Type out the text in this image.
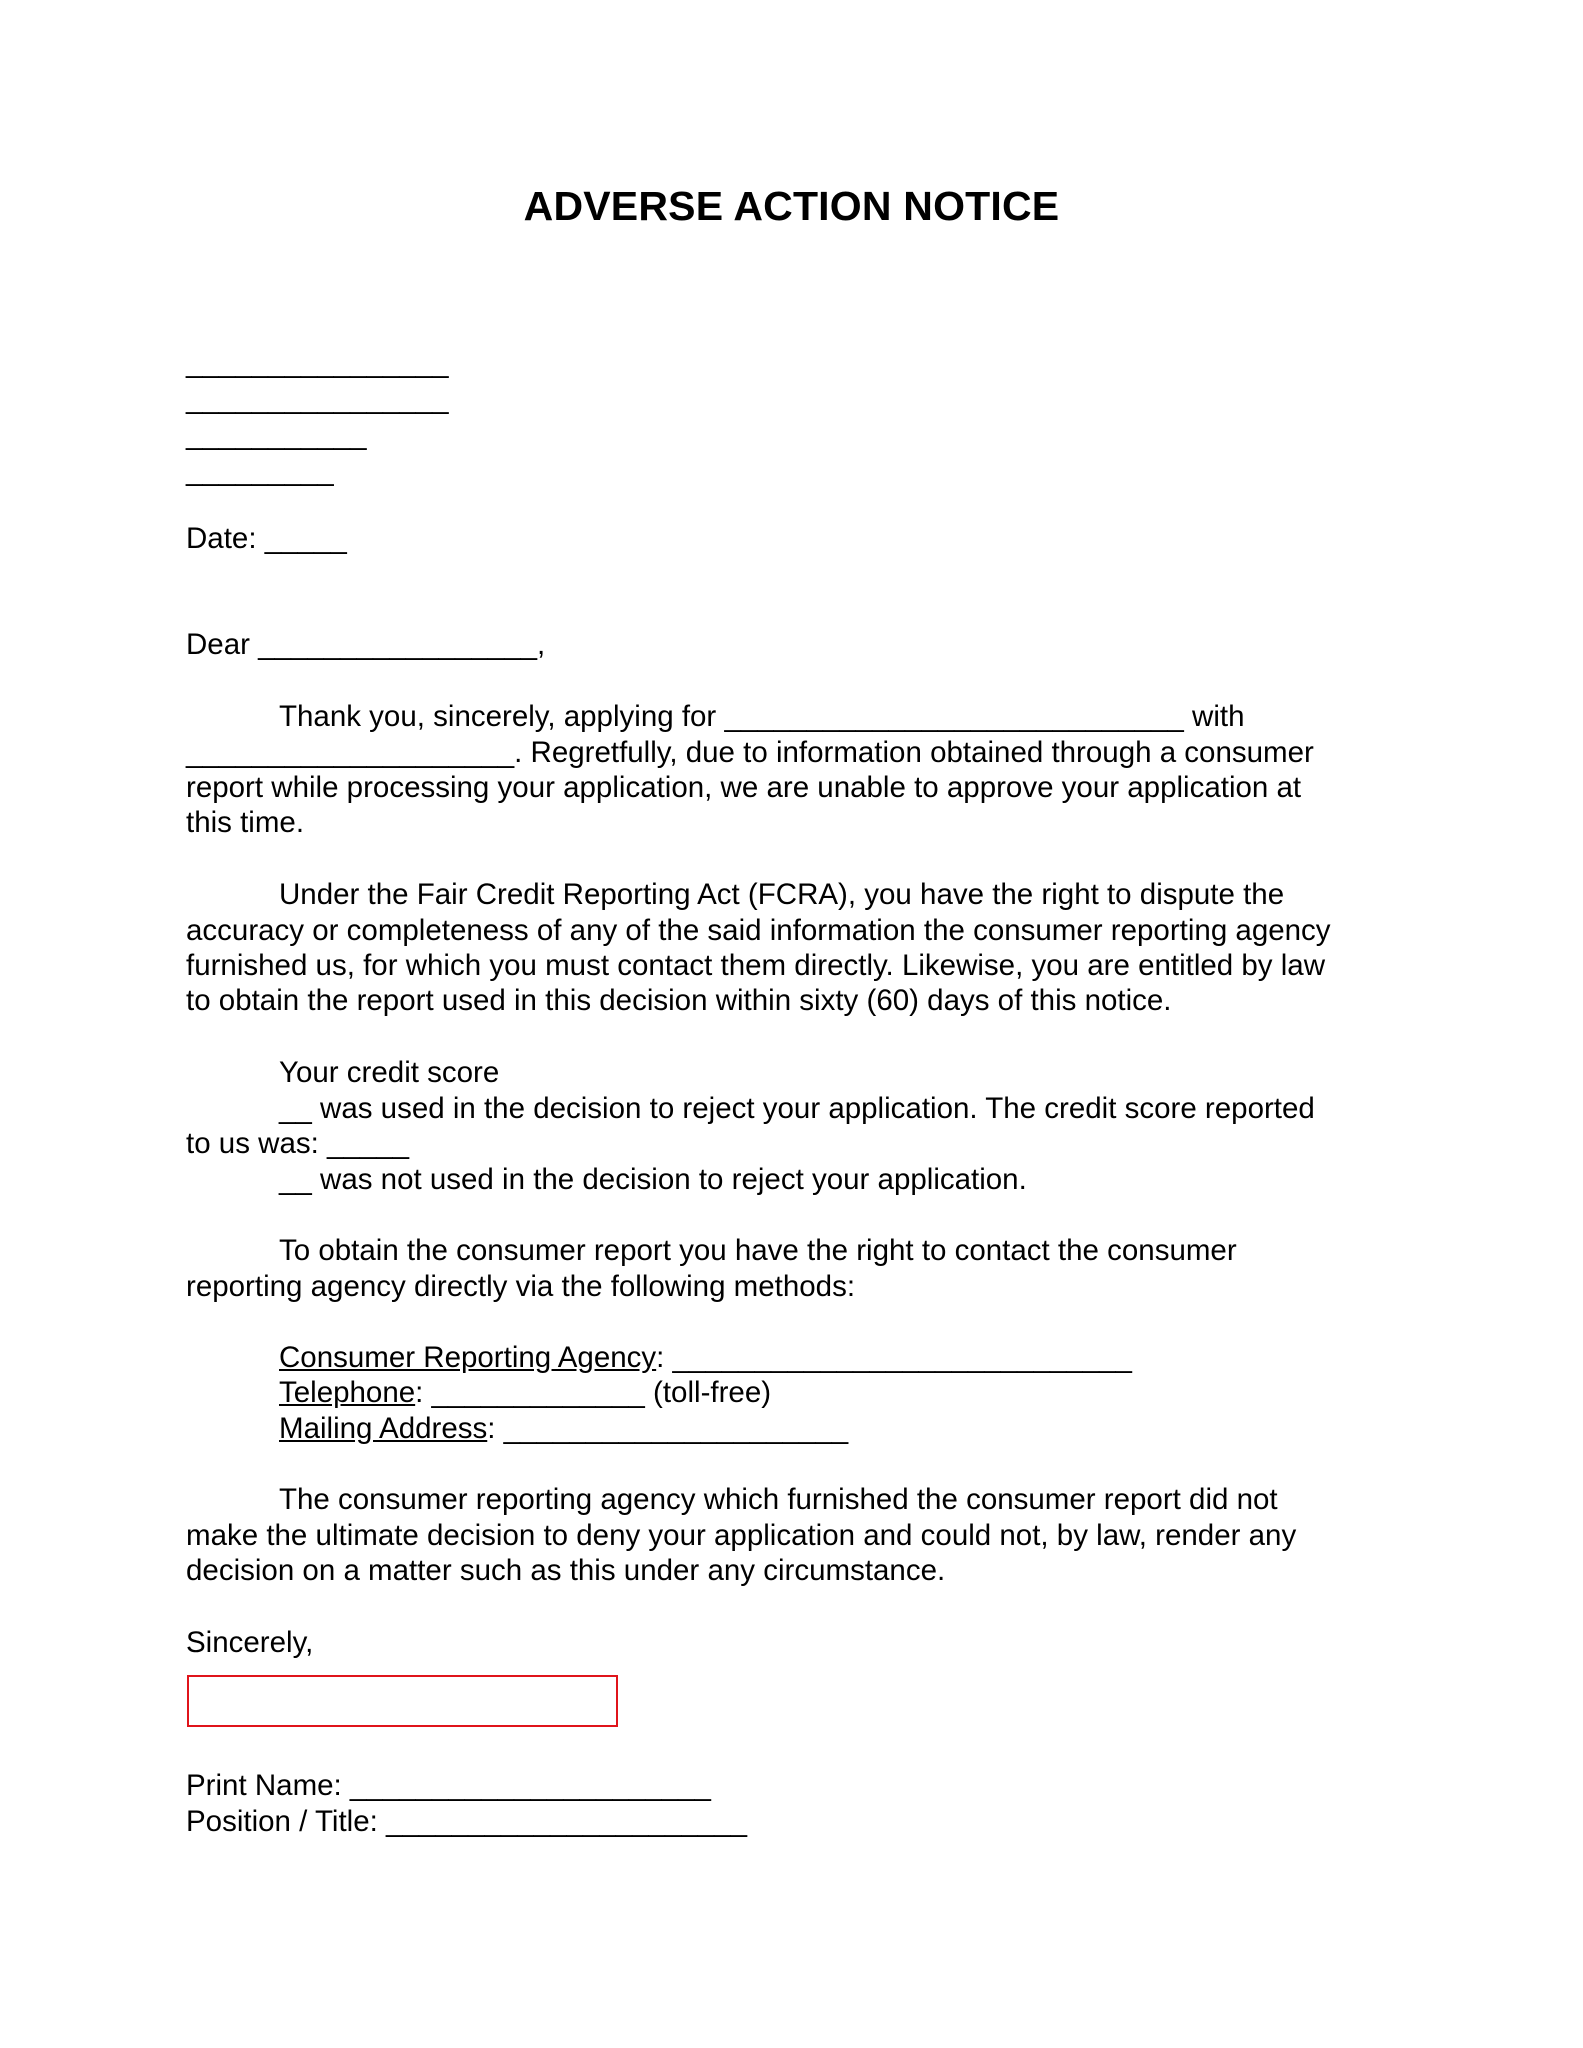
ADVERSE ACTION NOTICE
________________
________________
___________
_________
Date: _____
Dear _________________,
Thank you, sincerely, applying for ____________________________ with
____________________. Regretfully, due to information obtained through a consumer
report while processing your application, we are unable to approve your application at
this time.
Under the Fair Credit Reporting Act (FCRA), you have the right to dispute the
accuracy or completeness of any of the said information the consumer reporting agency
furnished us, for which you must contact them directly. Likewise, you are entitled by law
to obtain the report used in this decision within sixty (60) days of this notice.
Your credit score
__ was used in the decision to reject your application. The credit score reported
to us was: _____
__ was not used in the decision to reject your application.
To obtain the consumer report you have the right to contact the consumer
reporting agency directly via the following methods:
Consumer Reporting Agency: ____________________________
Telephone: _____________ (toll-free)
Mailing Address: _____________________
The consumer reporting agency which furnished the consumer report did not
make the ultimate decision to deny your application and could not, by law, render any
decision on a matter such as this under any circumstance.
Sincerely,
Print Name: ______________________
Position / Title: ______________________
